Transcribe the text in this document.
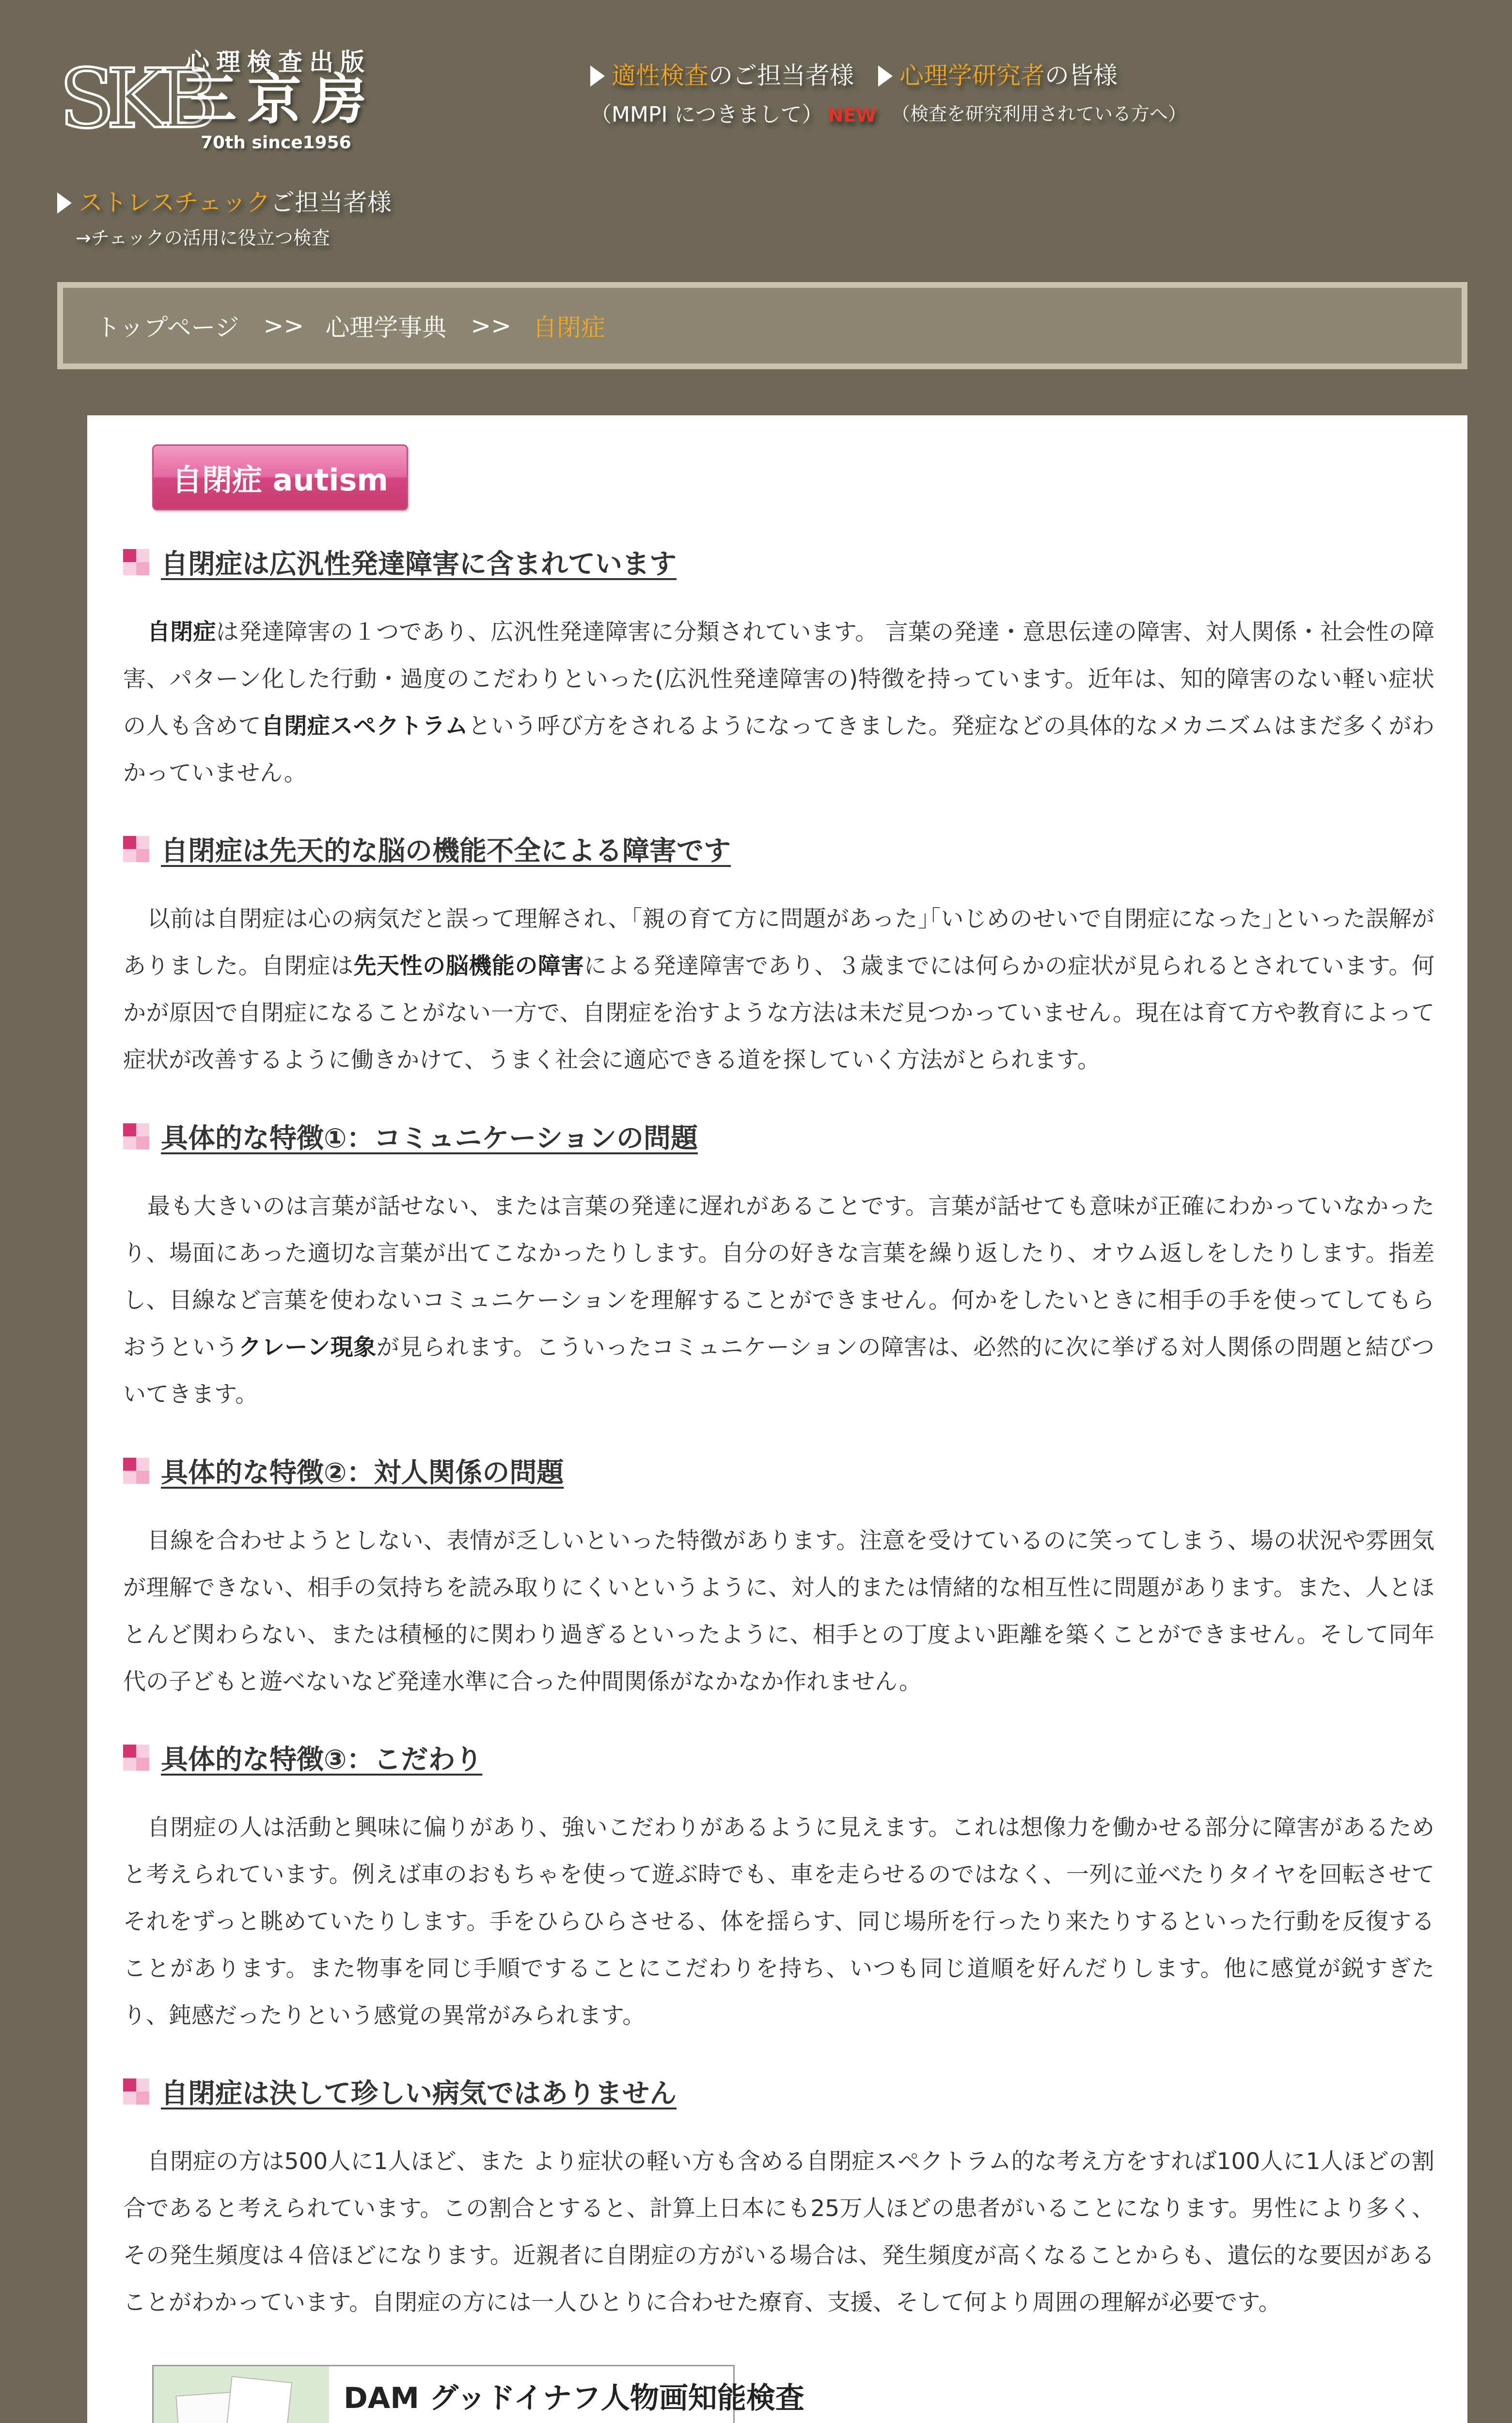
SKB
心理検査出版
三京房
70th since1956
適性検査のご担当者様
（MMPI につきまして） NEW
心理学研究者の皆様
（検査を研究利用されている方へ）
ストレスチェックご担当者様
→チェックの活用に役立つ検査
トップページ >> 心理学事典 >> 自閉症
自閉症 autism
自閉症は広汎性発達障害に含まれています

自閉症は発達障害の１つであり、広汎性発達障害に分類されています。 言葉の発達・意思伝達の障害、対人関係・社会性の障害、パターン化した行動・過度のこだわりといった(広汎性発達障害の)特徴を持っています。近年は、知的障害のない軽い症状の人も含めて自閉症スペクトラムという呼び方をされるようになってきました。発症などの具体的なメカニズムはまだ多くがわかっていません。

自閉症は先天的な脳の機能不全による障害です

以前は自閉症は心の病気だと誤って理解され、｢親の育て方に問題があった｣｢いじめのせいで自閉症になった｣といった誤解がありました。自閉症は先天性の脳機能の障害による発達障害であり、３歳までには何らかの症状が見られるとされています。何かが原因で自閉症になることがない一方で、自閉症を治すような方法は未だ見つかっていません。現在は育て方や教育によって症状が改善するように働きかけて、うまく社会に適応できる道を探していく方法がとられます。

具体的な特徴①：コミュニケーションの問題

最も大きいのは言葉が話せない、または言葉の発達に遅れがあることです。言葉が話せても意味が正確にわかっていなかったり、場面にあった適切な言葉が出てこなかったりします。自分の好きな言葉を繰り返したり、オウム返しをしたりします。指差し、目線など言葉を使わないコミュニケーションを理解することができません。何かをしたいときに相手の手を使ってしてもらおうというクレーン現象が見られます。こういったコミュニケーションの障害は、必然的に次に挙げる対人関係の問題と結びついてきます。

具体的な特徴②：対人関係の問題

目線を合わせようとしない、表情が乏しいといった特徴があります。注意を受けているのに笑ってしまう、場の状況や雰囲気が理解できない、相手の気持ちを読み取りにくいというように、対人的または情緒的な相互性に問題があります。また、人とほとんど関わらない、または積極的に関わり過ぎるといったように、相手との丁度よい距離を築くことができません。そして同年代の子どもと遊べないなど発達水準に合った仲間関係がなかなか作れません。

具体的な特徴③：こだわり

自閉症の人は活動と興味に偏りがあり、強いこだわりがあるように見えます。これは想像力を働かせる部分に障害があるためと考えられています。例えば車のおもちゃを使って遊ぶ時でも、車を走らせるのではなく、一列に並べたりタイヤを回転させてそれをずっと眺めていたりします。手をひらひらさせる、体を揺らす、同じ場所を行ったり来たりするといった行動を反復することがあります。また物事を同じ手順ですることにこだわりを持ち、いつも同じ道順を好んだりします。他に感覚が鋭すぎたり、鈍感だったりという感覚の異常がみられます。

自閉症は決して珍しい病気ではありません

自閉症の方は500人に1人ほど、また より症状の軽い方も含める自閉症スペクトラム的な考え方をすれば100人に1人ほどの割合であると考えられています。この割合とすると、計算上日本にも25万人ほどの患者がいることになります。男性により多く、その発生頻度は４倍ほどになります。近親者に自閉症の方がいる場合は、発生頻度が高くなることからも、遺伝的な要因があることがわかっています。自閉症の方には一人ひとりに合わせた療育、支援、そして何より周囲の理解が必要です。

DAM グッドイナフ人物画知能検査
